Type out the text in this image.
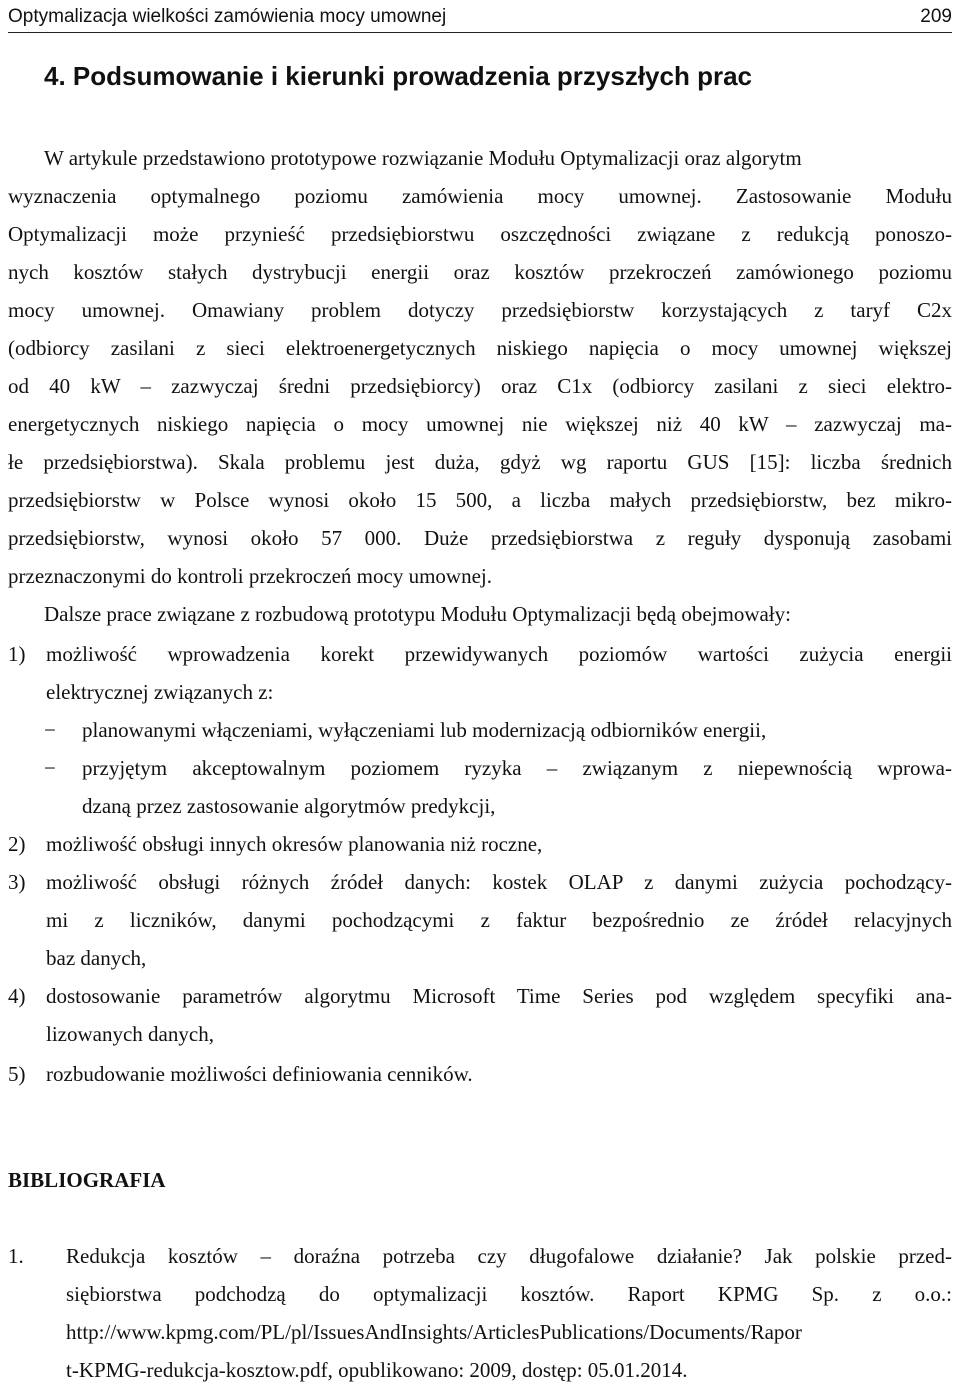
Optymalizacja wielkości zamówienia mocy umownej	209
4. Podsumowanie i kierunki prowadzenia przyszłych prac
W artykule przedstawiono prototypowe rozwiązanie Modułu Optymalizacji oraz algorytm
wyznaczenia optymalnego poziomu zamówienia mocy umownej. Zastosowanie Modułu
Optymalizacji może przynieść przedsiębiorstwu oszczędności związane z redukcją ponoszo-
nych kosztów stałych dystrybucji energii oraz kosztów przekroczeń zamówionego poziomu
mocy umownej. Omawiany problem dotyczy przedsiębiorstw korzystających z taryf C2x
(odbiorcy zasilani z sieci elektroenergetycznych niskiego napięcia o mocy umownej większej
od 40 kW – zazwyczaj średni przedsiębiorcy) oraz C1x (odbiorcy zasilani z sieci elektro-
energetycznych niskiego napięcia o mocy umownej nie większej niż 40 kW – zazwyczaj ma-
łe przedsiębiorstwa). Skala problemu jest duża, gdyż wg raportu GUS [15]: liczba średnich
przedsiębiorstw w Polsce wynosi około 15 500, a liczba małych przedsiębiorstw, bez mikro-
przedsiębiorstw, wynosi około 57 000. Duże przedsiębiorstwa z reguły dysponują zasobami
przeznaczonymi do kontroli przekroczeń mocy umownej.
Dalsze prace związane z rozbudową prototypu Modułu Optymalizacji będą obejmowały:
1) możliwość wprowadzenia korekt przewidywanych poziomów wartości zużycia energii
elektrycznej związanych z:
− planowanymi włączeniami, wyłączeniami lub modernizacją odbiorników energii,
− przyjętym akceptowalnym poziomem ryzyka – związanym z niepewnością wprowa-
dzaną przez zastosowanie algorytmów predykcji,
2) możliwość obsługi innych okresów planowania niż roczne,
3) możliwość obsługi różnych źródeł danych: kostek OLAP z danymi zużycia pochodzący-
mi z liczników, danymi pochodzącymi z faktur bezpośrednio ze źródeł relacyjnych
baz danych,
4) dostosowanie parametrów algorytmu Microsoft Time Series pod względem specyfiki ana-
lizowanych danych,
5) rozbudowanie możliwości definiowania cenników.
BIBLIOGRAFIA
1. Redukcja kosztów – doraźna potrzeba czy długofalowe działanie? Jak polskie przed-
siębiorstwa podchodzą do optymalizacji kosztów. Raport KPMG Sp. z o.o.:
http://www.kpmg.com/PL/pl/IssuesAndInsights/ArticlesPublications/Documents/Rapor
t-KPMG-redukcja-kosztow.pdf, opublikowano: 2009, dostęp: 05.01.2014.
